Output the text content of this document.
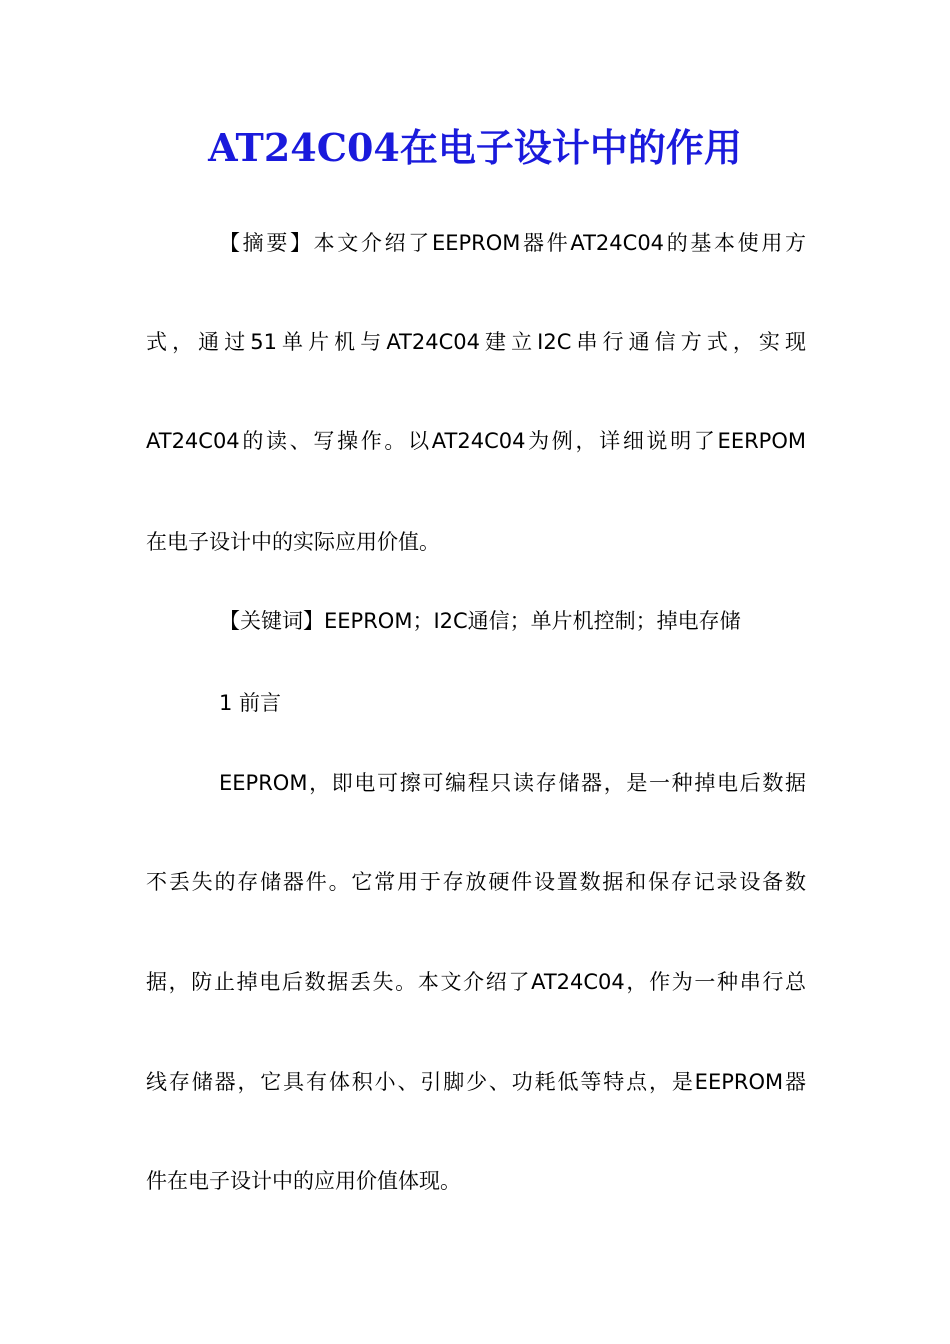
AT24C04在电子设计中的作用
【摘要】本文介绍了EEPROM器件AT24C04的基本使用方
式，通过51单片机与AT24C04建立I2C串行通信方式，实现
AT24C04的读、写操作。以AT24C04为例，详细说明了EERPOM
在电子设计中的实际应用价值。
【关键词】EEPROM；I2C通信；单片机控制；掉电存储
1 前言
EEPROM，即电可擦可编程只读存储器，是一种掉电后数据
不丢失的存储器件。它常用于存放硬件设置数据和保存记录设备数
据，防止掉电后数据丢失。本文介绍了AT24C04，作为一种串行总
线存储器，它具有体积小、引脚少、功耗低等特点，是EEPROM器
件在电子设计中的应用价值体现。
